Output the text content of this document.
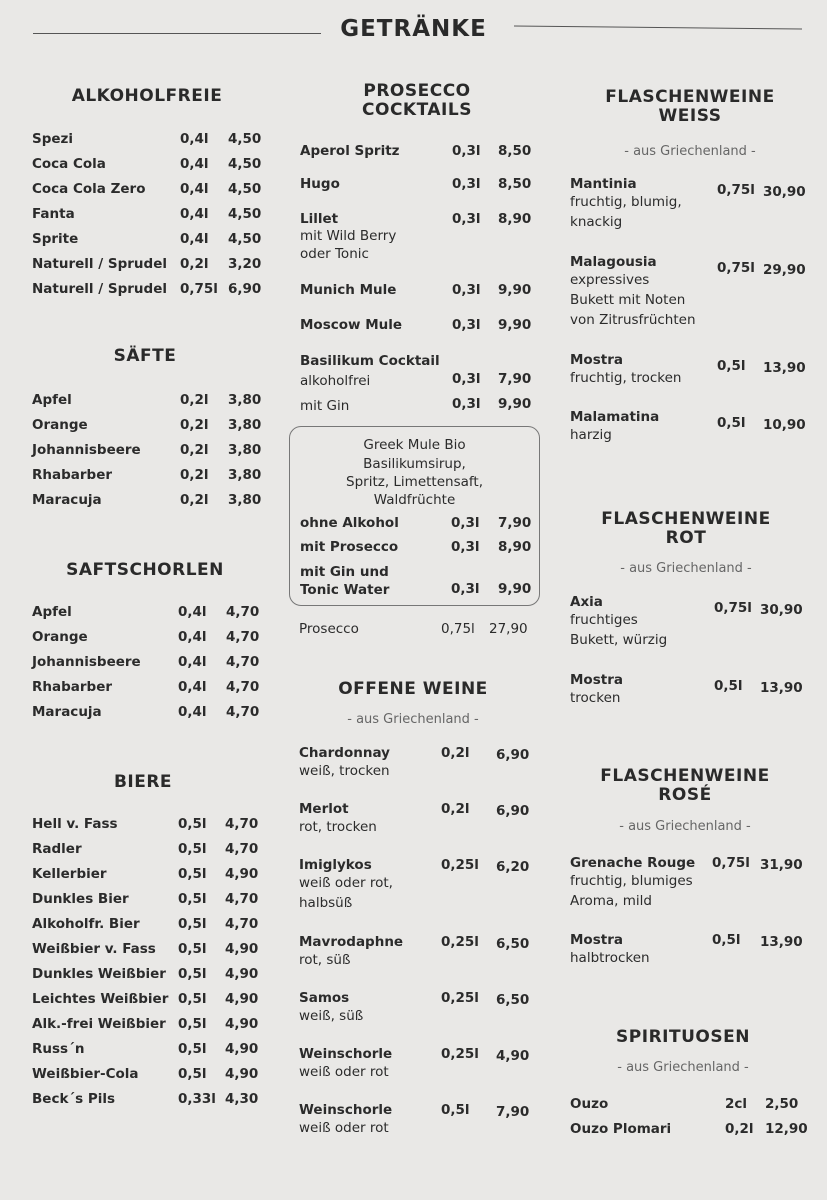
GETRÄNKE
ALKOHOLFREIE
Spezi	0,4l 4,50
Coca Cola	0,4l 4,50
Coca Cola Zero	0,4l 4,50
Fanta	0,4l 4,50
Sprite	0,4l 4,50
Naturell / Sprudel 0,2l 3,20
Naturell / Sprudel 0,75l 6,90
SÄFTE
Apfel	0,2l 3,80
Orange	0,2l 3,80
Johannisbeere	0,2l 3,80
Rhabarber	0,2l 3,80
Maracuja	0,2l 3,80
SAFTSCHORLEN
Apfel	0,4l 4,70
Orange	0,4l 4,70
Johannisbeere	0,4l 4,70
Rhabarber	0,4l 4,70
Maracuja	0,4l 4,70
BIERE
Hell v. Fass	0,5l 4,70
Radler	0,5l 4,70
Kellerbier	0,5l 4,90
Dunkles Bier	0,5l 4,70
Alkoholfr. Bier	0,5l 4,70
Weißbier v. Fass 0,5l 4,90
Dunkles Weißbier 0,5l 4,90
Leichtes Weißbier 0,5l 4,90
Alk.-frei Weißbier 0,5l 4,90
Russ´n	0,5l 4,90
Weißbier-Cola	0,5l 4,90
Beck´s Pils	0,33l 4,30
PROSECCO
COCKTAILS
Aperol Spritz	0,3l 8,50
Hugo	0,3l 8,50
Lillet
mit Wild Berry
oder Tonic
0,3l 8,90
Munich Mule	0,3l 9,90
Moscow Mule	0,3l 9,90
Basilikum Cocktail
alkoholfrei	0,3l 7,90
mit Gin	0,3l 9,90
Greek Mule Bio
Basilikumsirup,
Spritz, Limettensaft,
Waldfrüchte
ohne Alkohol	0,3l 7,90
mit Prosecco	0,3l 8,90
mit Gin und
Tonic Water	0,3l 9,90
Prosecco	0,75l 27,90
OFFENE WEINE
- aus Griechenland -
Chardonnay
weiß, trocken
0,2l 6,90
Merlot
rot, trocken
0,2l 6,90
Imiglykos
weiß oder rot,
halbsüß
0,25l 6,20
Mavrodaphne
rot, süß
0,25l 6,50
Samos
weiß, süß
0,25l 6,50
Weinschorle
weiß oder rot
0,25l 4,90
Weinschorle
weiß oder rot
0,5l 7,90
FLASCHENWEINE
WEISS
- aus Griechenland -
Mantinia
fruchtig, blumig,
knackig
0,75l 30,90
Malagousia
expressives
Bukett mit Noten
von Zitrusfrüchten
0,75l 29,90
Mostra
fruchtig, trocken
0,5l 13,90
Malamatina
harzig
0,5l 10,90
FLASCHENWEINE
ROT
- aus Griechenland -
Axia
fruchtiges
Bukett, würzig
0,75l 30,90
Mostra
trocken
0,5l 13,90
FLASCHENWEINE
ROSÉ
- aus Griechenland -
Grenache Rouge
fruchtig, blumiges
Aroma, mild
0,75l 31,90
Mostra
halbtrocken
0,5l 13,90
SPIRITUOSEN
- aus Griechenland -
Ouzo	2cl 2,50
Ouzo Plomari	0,2l 12,90
